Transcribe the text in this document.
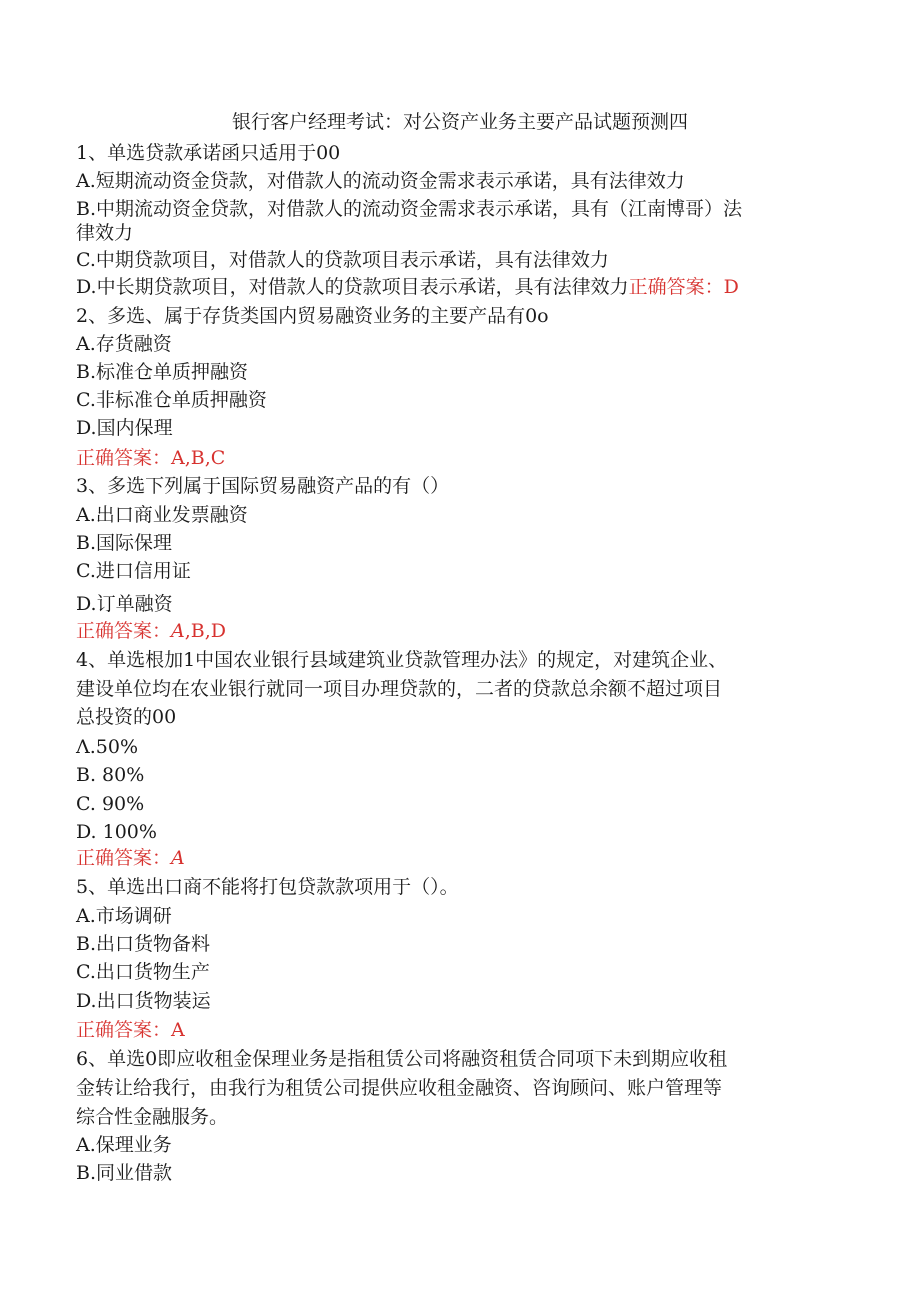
银行客户经理考试：对公资产业务主要产品试题预测四
1、单选贷款承诺函只适用于00
A.短期流动资金贷款，对借款人的流动资金需求表示承诺，具有法律效力
B.中期流动资金贷款，对借款人的流动资金需求表示承诺，具有（江南博哥）法
律效力
C.中期贷款项目，对借款人的贷款项目表示承诺，具有法律效力
D.中长期贷款项目，对借款人的贷款项目表示承诺，具有法律效力正确答案：D
2、多选、属于存货类国内贸易融资业务的主要产品有0o
A.存货融资
B.标准仓单质押融资
C.非标准仓单质押融资
D.国内保理
正确答案：A,B,C
3、多选下列属于国际贸易融资产品的有（）
A.出口商业发票融资
B.国际保理
C.进口信用证
D.订单融资
正确答案：A,B,D
4、单选根加1中国农业银行县域建筑业贷款管理办法》的规定，对建筑企业、
建设单位均在农业银行就同一项目办理贷款的，二者的贷款总余额不超过项目
总投资的00
Λ.50%
B. 80%
C. 90%
D. 100%
正确答案：A
5、单选出口商不能将打包贷款款项用于（）。
A.市场调研
B.出口货物备料
C.出口货物生产
D.出口货物装运
正确答案：A
6、单选0即应收租金保理业务是指租赁公司将融资租赁合同项下未到期应收租
金转让给我行，由我行为租赁公司提供应收租金融资、咨询顾问、账户管理等
综合性金融服务。
A.保理业务
B.同业借款
